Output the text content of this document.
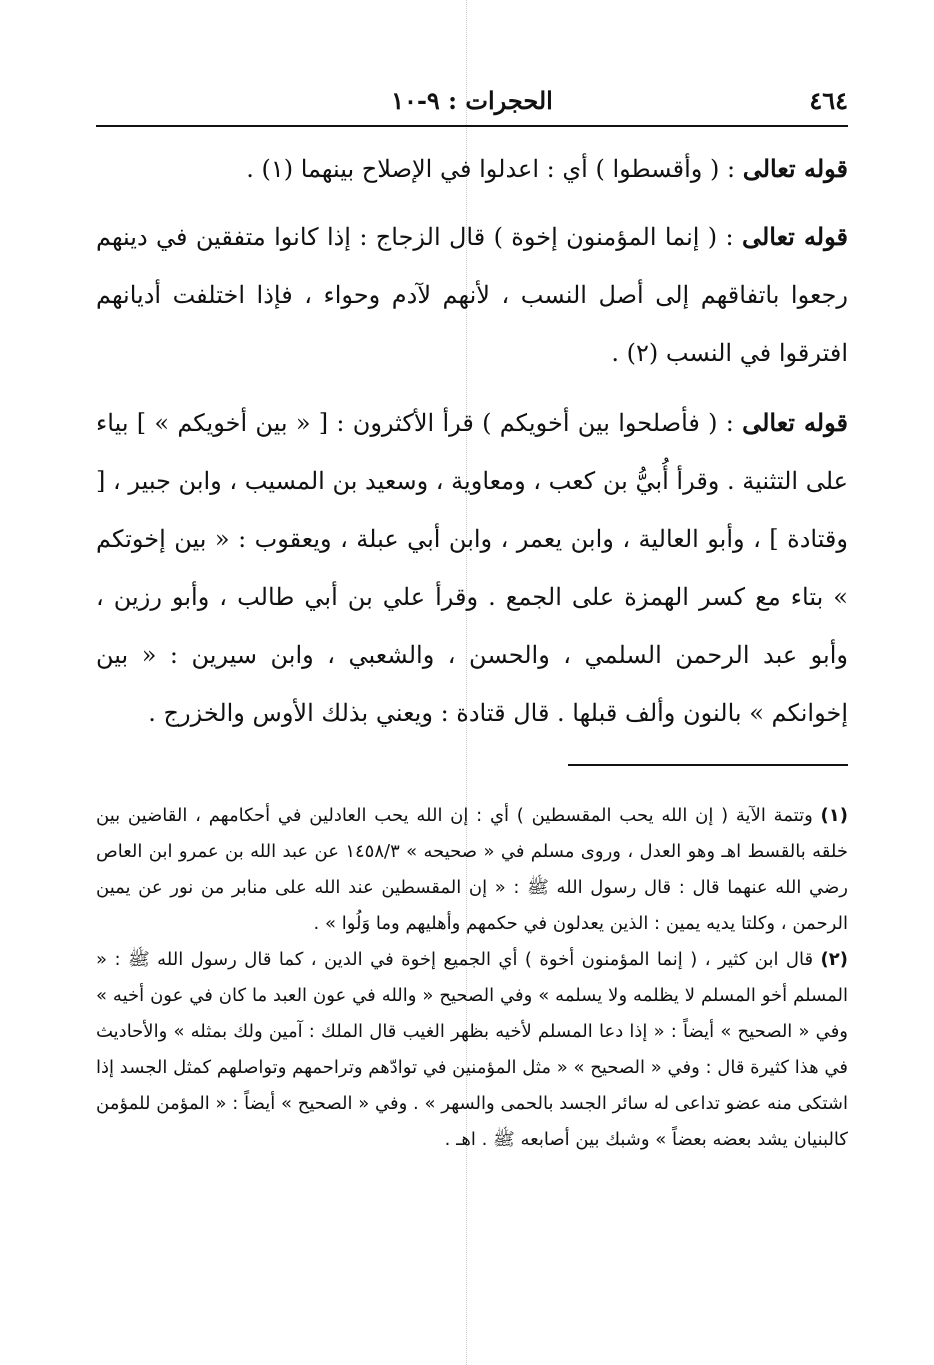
٤٦٤
الحجرات : ٩-١٠

قوله تعالى : ( وأقسطوا ) أي : اعدلوا في الإصلاح بينهما (١) .

قوله تعالى : ( إنما المؤمنون إخوة ) قال الزجاج : إذا كانوا متفقين في دينهم رجعوا باتفاقهم إلى أصل النسب ، لأنهم لآدم وحواء ، فإذا اختلفت أديانهم افترقوا في النسب (٢) .

قوله تعالى : ( فأصلحوا بين أخويكم ) قرأ الأكثرون : [ « بين أخويكم » ] بياء على التثنية . وقرأ أُبيُّ بن كعب ، ومعاوية ، وسعيد بن المسيب ، وابن جبير ، [ وقتادة ] ، وأبو العالية ، وابن يعمر ، وابن أبي عبلة ، ويعقوب : « بين إخوتكم » بتاء مع كسر الهمزة على الجمع . وقرأ علي بن أبي طالب ، وأبو رزين ، وأبو عبد الرحمن السلمي ، والحسن ، والشعبي ، وابن سيرين : « بين إخوانكم » بالنون وألف قبلها . قال قتادة : ويعني بذلك الأوس والخزرج .

(١) وتتمة الآية ( إن الله يحب المقسطين ) أي : إن الله يحب العادلين في أحكامهم ، القاضين بين خلقه بالقسط اهـ وهو العدل ، وروى مسلم في « صحيحه » ١٤٥٨/٣ عن عبد الله بن عمرو ابن العاص رضي الله عنهما قال : قال رسول الله ﷺ : « إن المقسطين عند الله على منابر من نور عن يمين الرحمن ، وكلتا يديه يمين : الذين يعدلون في حكمهم وأهليهم وما وَلُوا » .

(٢) قال ابن كثير ، ( إنما المؤمنون أخوة ) أي الجميع إخوة في الدين ، كما قال رسول الله ﷺ : « المسلم أخو المسلم لا يظلمه ولا يسلمه » وفي الصحيح « والله في عون العبد ما كان في عون أخيه » وفي « الصحيح » أيضاً : « إذا دعا المسلم لأخيه بظهر الغيب قال الملك : آمين ولك بمثله » والأحاديث في هذا كثيرة قال : وفي « الصحيح » « مثل المؤمنين في توادّهم وتراحمهم وتواصلهم كمثل الجسد إذا اشتكى منه عضو تداعى له سائر الجسد بالحمى والسهر » . وفي « الصحيح » أيضاً : « المؤمن للمؤمن كالبنيان يشد بعضه بعضاً » وشبك بين أصابعه ﷺ . اهـ .
